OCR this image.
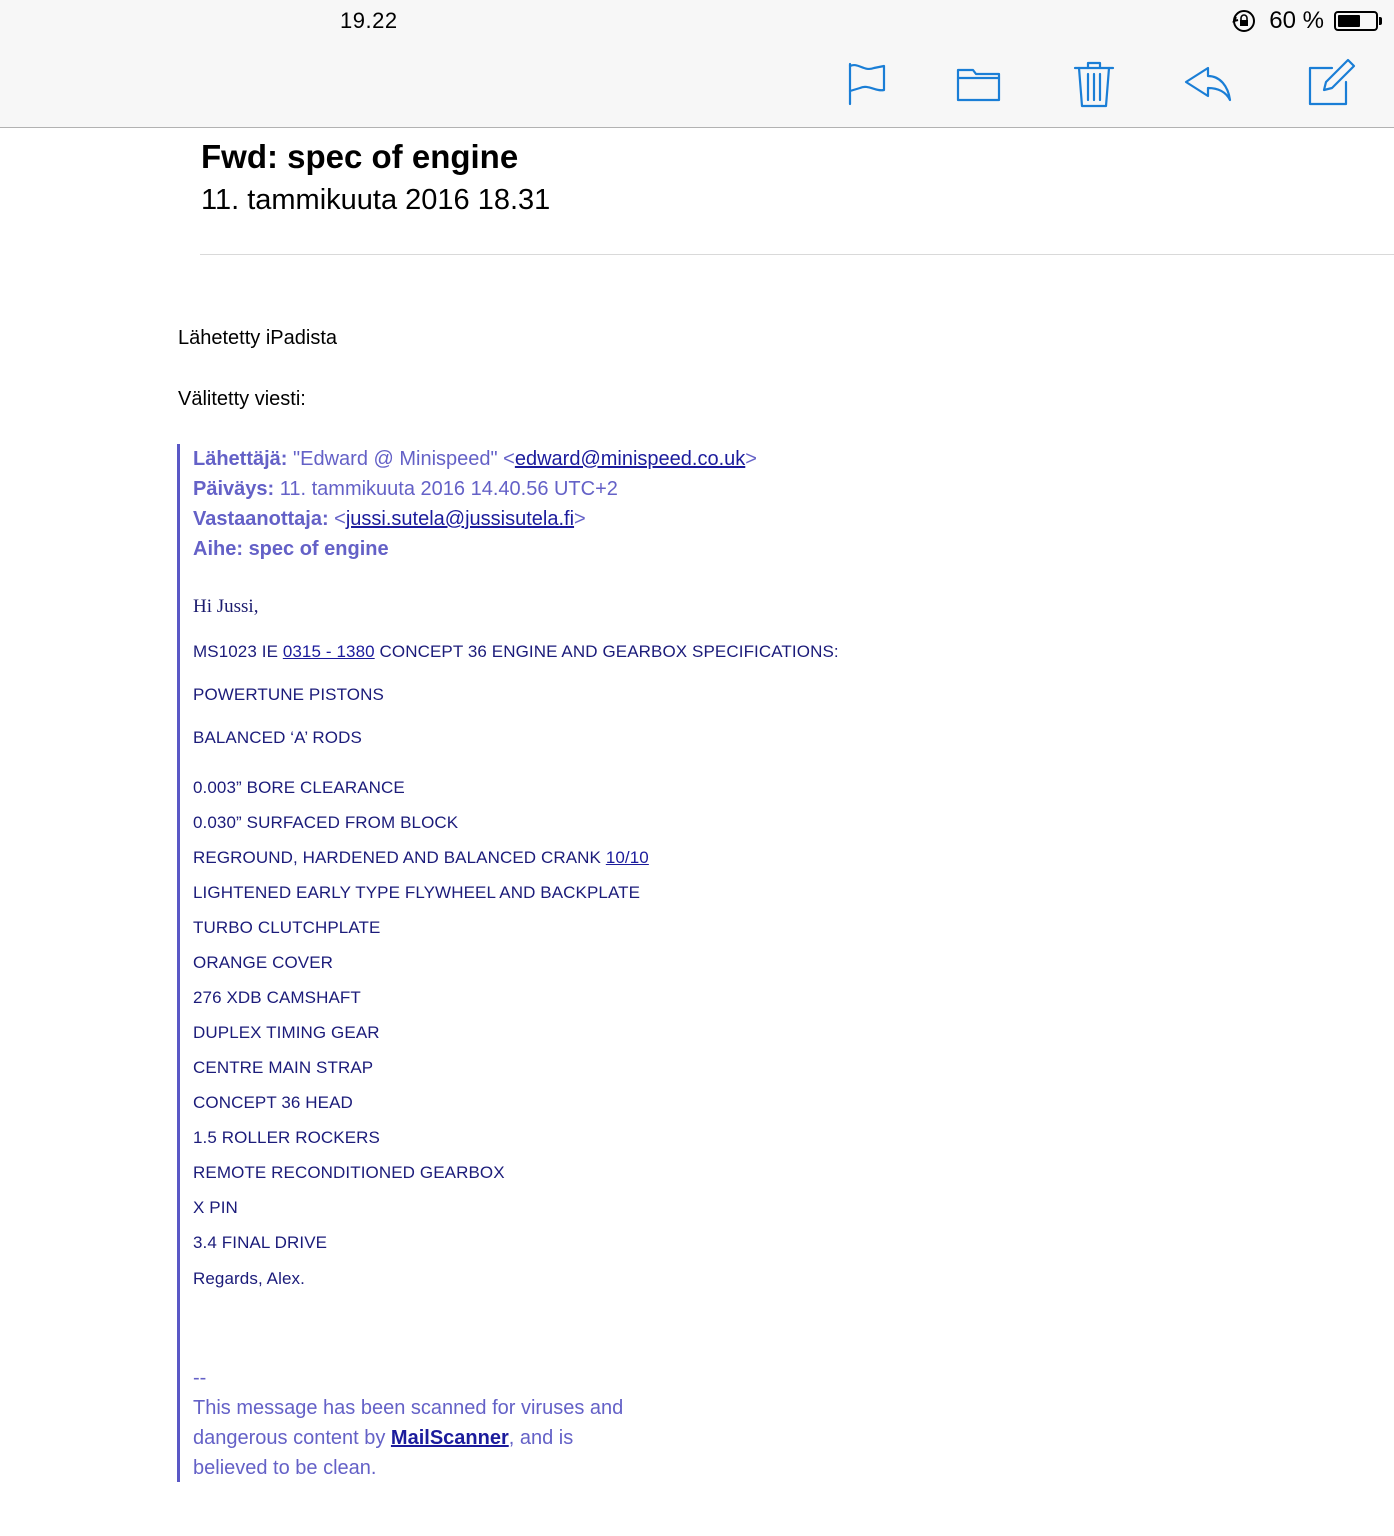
19.22	60 %
Fwd: spec of engine
11. tammikuuta 2016 18.31
Lähetetty iPadista
Välitetty viesti:
Lähettäjä: "Edward @ Minispeed" <edward@minispeed.co.uk>
Päiväys: 11. tammikuuta 2016 14.40.56 UTC+2
Vastaanottaja: <jussi.sutela@jussisutela.fi>
Aihe: spec of engine
Hi Jussi,
MS1023 IE 0315 - 1380 CONCEPT 36 ENGINE AND GEARBOX SPECIFICATIONS:
POWERTUNE PISTONS
BALANCED ‘A’ RODS
0.003” BORE CLEARANCE
0.030” SURFACED FROM BLOCK
REGROUND, HARDENED AND BALANCED CRANK 10/10
LIGHTENED EARLY TYPE FLYWHEEL AND BACKPLATE
TURBO CLUTCHPLATE
ORANGE COVER
276 XDB CAMSHAFT
DUPLEX TIMING GEAR
CENTRE MAIN STRAP
CONCEPT 36 HEAD
1.5 ROLLER ROCKERS
REMOTE RECONDITIONED GEARBOX
X PIN
3.4 FINAL DRIVE
Regards, Alex.
--
This message has been scanned for viruses and
dangerous content by MailScanner, and is
believed to be clean.
